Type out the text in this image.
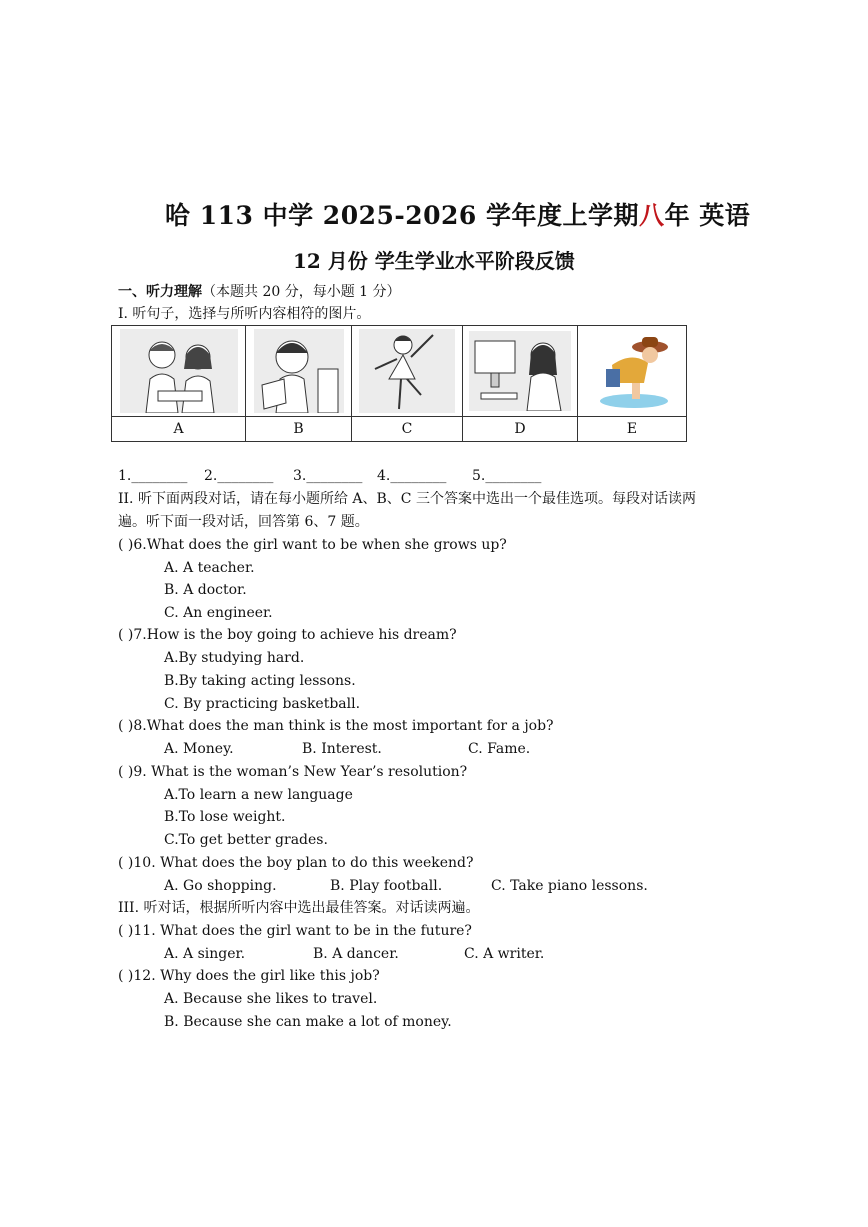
哈 113 中学 2025-2026 学年度上学期八年 英语
12 月份 学生学业水平阶段反馈
一、听力理解（本题共 20 分，每小题 1 分）
I. 听句子，选择与所听内容相符的图片。

A	B	C	D	E
1.________ 2.________ 3.________ 4.________ 5.________
II. 听下面两段对话，请在每小题所给 A、B、C 三个答案中选出一个最佳选项。每段对话读两
遍。听下面一段对话，回答第 6、7 题。
( )6.What does the girl want to be when she grows up?
A. A teacher.
B. A doctor.
C. An engineer.
( )7.How is the boy going to achieve his dream?
A.By studying hard.
B.By taking acting lessons.
C. By practicing basketball.
( )8.What does the man think is the most important for a job?
A. Money.	B. Interest.	C. Fame.
( )9. What is the woman’s New Year’s resolution?
A.To learn a new language
B.To lose weight.
C.To get better grades.
( )10. What does the boy plan to do this weekend?
A. Go shopping.	B. Play football.	C. Take piano lessons.
III. 听对话，根据所听内容中选出最佳答案。对话读两遍。
( )11. What does the girl want to be in the future?
A. A singer.	B. A dancer.	C. A writer.
( )12. Why does the girl like this job?
A. Because she likes to travel.
B. Because she can make a lot of money.
